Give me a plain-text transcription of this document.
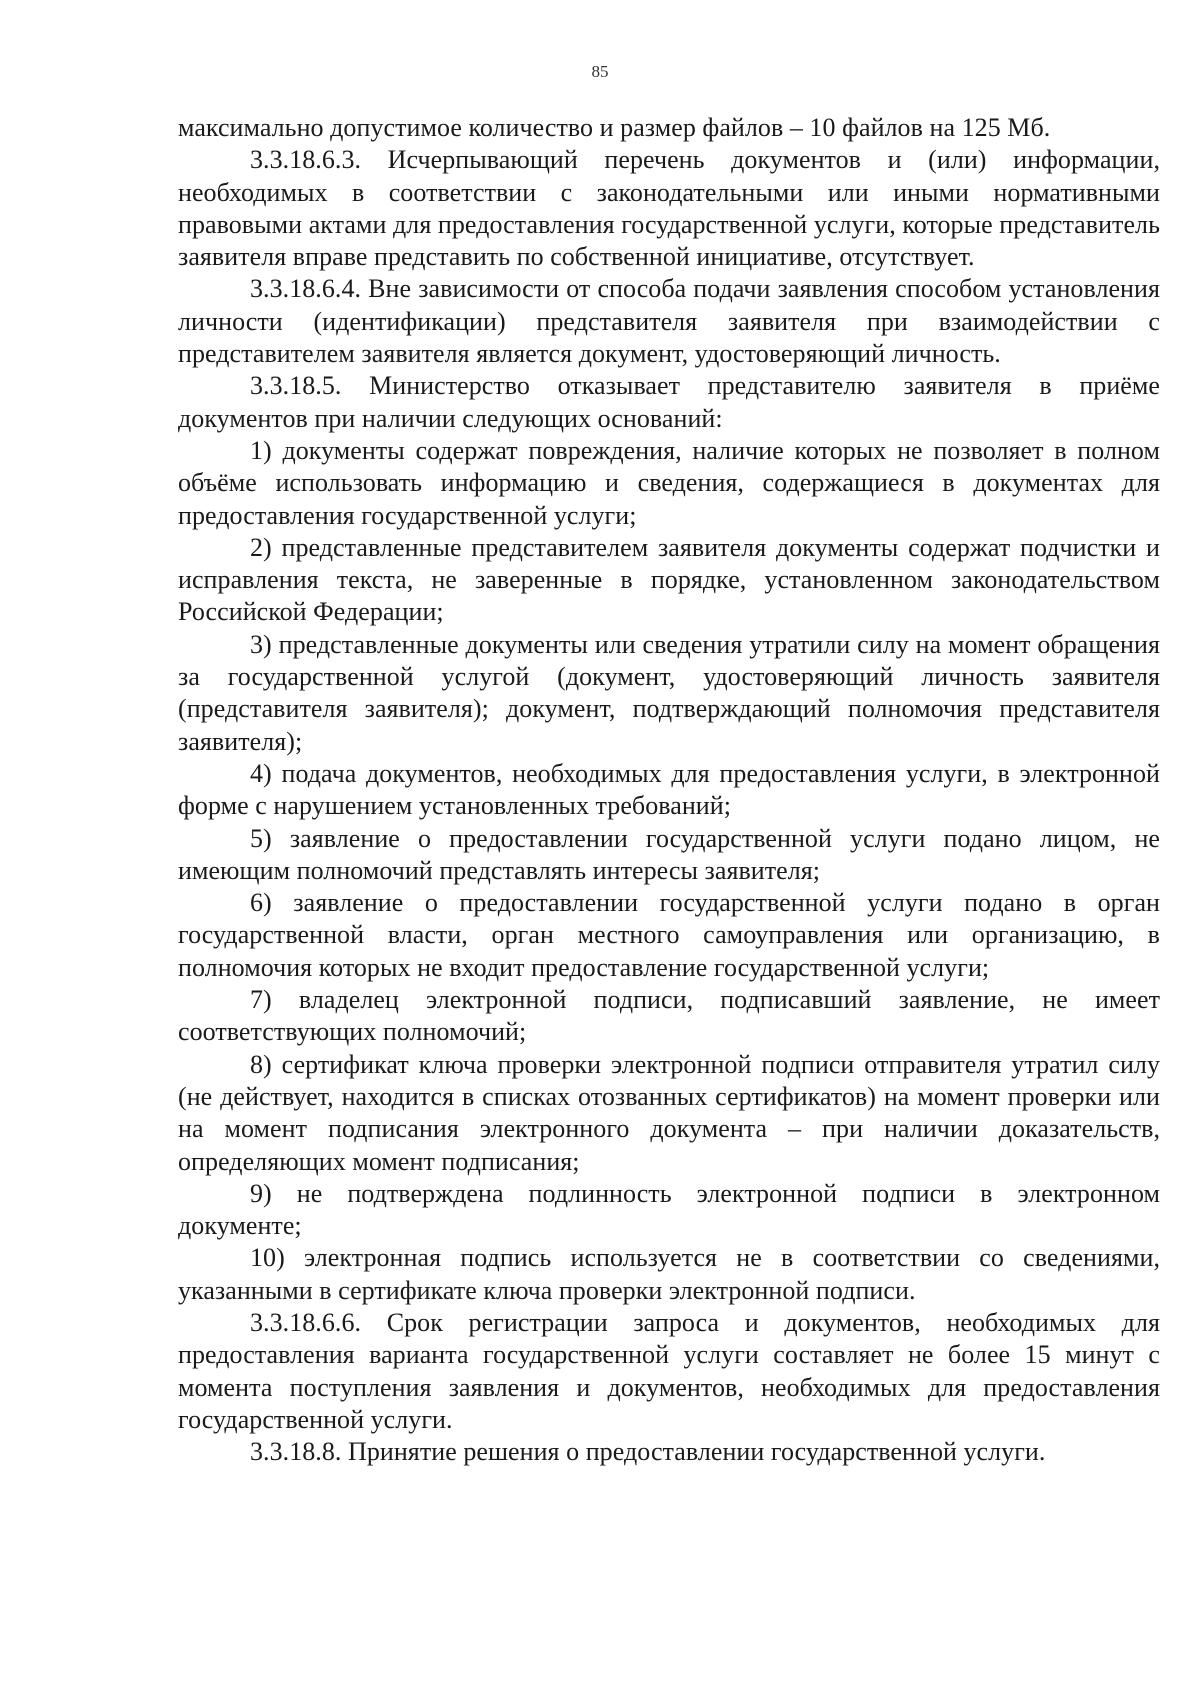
85

максимально допустимое количество и размер файлов – 10 файлов на 125 Мб.

3.3.18.6.3. Исчерпывающий перечень документов и (или) информации, необходимых в соответствии с законодательными или иными нормативными правовыми актами для предоставления государственной услуги, которые представитель заявителя вправе представить по собственной инициативе, отсутствует.

3.3.18.6.4. Вне зависимости от способа подачи заявления способом установления личности (идентификации) представителя заявителя при взаимодействии с представителем заявителя является документ, удостоверяющий личность.

3.3.18.5. Министерство отказывает представителю заявителя в приёме документов при наличии следующих оснований:

1) документы содержат повреждения, наличие которых не позволяет в полном объёме использовать информацию и сведения, содержащиеся в документах для предоставления государственной услуги;

2) представленные представителем заявителя документы содержат подчистки и исправления текста, не заверенные в порядке, установленном законодательством Российской Федерации;

3) представленные документы или сведения утратили силу на момент обращения за государственной услугой (документ, удостоверяющий личность заявителя (представителя заявителя); документ, подтверждающий полномочия представителя заявителя);

4) подача документов, необходимых для предоставления услуги, в электронной форме с нарушением установленных требований;

5) заявление о предоставлении государственной услуги подано лицом, не имеющим полномочий представлять интересы заявителя;

6) заявление о предоставлении государственной услуги подано в орган государственной власти, орган местного самоуправления или организацию, в полномочия которых не входит предоставление государственной услуги;

7) владелец электронной подписи, подписавший заявление, не имеет соответствующих полномочий;

8) сертификат ключа проверки электронной подписи отправителя утратил силу (не действует, находится в списках отозванных сертификатов) на момент проверки или на момент подписания электронного документа – при наличии доказательств, определяющих момент подписания;

9) не подтверждена подлинность электронной подписи в электронном документе;

10) электронная подпись используется не в соответствии со сведениями, указанными в сертификате ключа проверки электронной подписи.

3.3.18.6.6. Срок регистрации запроса и документов, необходимых для предоставления варианта государственной услуги составляет не более 15 минут с момента поступления заявления и документов, необходимых для предоставления государственной услуги.

3.3.18.8. Принятие решения о предоставлении государственной услуги.
